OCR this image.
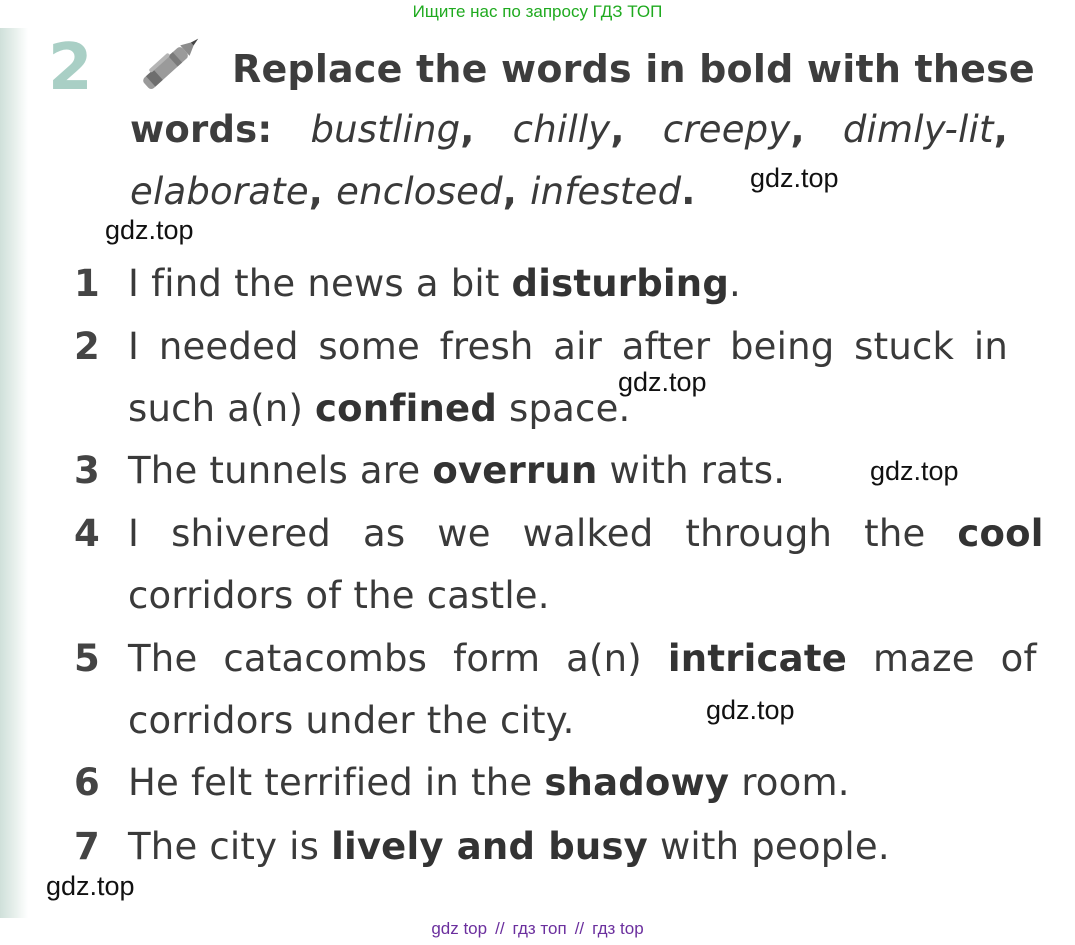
Ищите нас по запросу ГДЗ ТОП
2	Replace the words in bold with these
words: bustling, chilly, creepy, dimly-lit,
elaborate, enclosed, infested.
1 I find the news a bit disturbing.
2 I needed some fresh air after being stuck in
such a(n) confined space.
3 The tunnels are overrun with rats.
4 I shivered as we walked through the cool
corridors of the castle.
5 The catacombs form a(n) intricate maze of
corridors under the city.
6 He felt terrified in the shadowy room.
7 The city is lively and busy with people.
gdz.top
gdz.top
gdz.top
gdz.top
gdz.top
gdz.top
gdz top // гдз топ // гдз top
